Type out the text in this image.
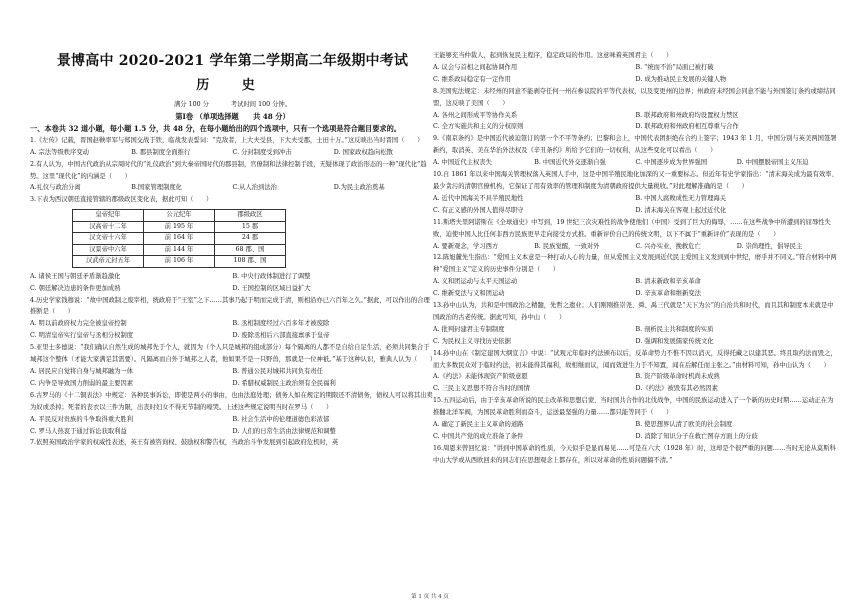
景博高中 2020-2021 学年第二学期高二年级期中考试
历 史
满分 100 分	考试时间 100 分钟。
第Ⅰ卷 （单项选择题　　共 48 分）
一、本卷共 32 道小题，每小题 1.5 分，共 48 分，在每小题给出的四个选项中，只有一个选项是符合题目要求的。

1.《左传》记载，晋国赵鞅率军与郑国交战于铁，临战发表誓词：“克敌者，上大夫受县，下大夫受郡，士田十万。”这反映出当时晋国（　　）

A. 宗法等级秩序变动	B. 郡县制度全面推行	C. 分封制度受到冲击	D. 国家政权趋向松散

2.有人认为，中国古代政治从宗周时代的“礼仪政治”到大秦帝国时代的郡县制，官僚制和法律控制手段，无疑体现了政治形态的一种“现代化”趋势。这里“现代化”的内涵是（　　）

A.礼仪与政治分离	B.国家管理制度化	C.从人治到法治	D.为民主政治奠基

3.下表为西汉朝廷直接管辖的郡级政区变化表，据此可知（　　）

皇帝纪年	公元纪年	郡级政区
汉高帝十二年	前 195 年	15 郡
汉文帝十六年	前 164 年	24 郡
汉景帝中六年	前 144 年	68 郡、国
汉武帝元封五年	前 106 年	108 郡、国
A. 诸侯王国与朝廷矛盾渐趋激化	B. 中央行政体制进行了调整
C. 朝廷解决边患的条件更加成熟	D. 王国控制的区域日益扩大

4.历史学家钱穆说：“故中国政制之废宰相，统政府于“王室”之下……其事乃起于明而完成于清，则相沿亦已六百年之久。”据此，可以作出的合理推断是（　　）

A. 明以前政府权力完全被皇帝控制	B. 丞相制度经过六百多年才被废除
C. 明清皇帝实行皇帝与丞相分权制度	D. 废除丞相后六部直接禀承于皇帝

5.亚里士多德说：“我们确认自然生成的城邦先于个人，就因为（个人只是城邦的组成部分）每个隔离的人都不是自给自足生活，必须共同集合于城邦这个整体（才能大家满足其需要）。凡隔离而自外于城邦之人者，他如果不是一只野兽，那就是一位神祇。”基于这种认识，雅典人认为（　　）

A. 居民应自觉将自身与城邦融为一体	B. 普通公民对城邦共同负有责任
C. 内争是导致国力削弱的最主要因素	D. 希腊权威制民主政治须有全民福利

6.古罗马的《十二铜表法》中规定：各种民事诉讼，即使是两小的事由，也由法庭处理；债务人如在规定的期限还不清债务，债权人可以将其出卖为奴或杀掉；死者的丧衣以三件为限，出丧时妇女不得无节制的嚎哭。上述这些规定说明当时在罗马（　　）

A. 平民反对贵族的斗争取得重大胜利	B. 社会生活中的伦理道德色彩浓郁
C. 罗马人热衷于通过诉讼获取利益	D. 人们的日常生活由法律规范和调整

7.依照英国政治学家的权威性表述，英王有被咨询权、鼓励权和警告权，当政治斗争发展到引起政府危机时，英

王能够充当仲裁人，起到恢复民主程序，稳定政局的作用。这意味着英国君主（　　）

A. 议会与首相之间起协调作用	B. “统而不治”局面已被打破
C. 维系政局稳定有一定作用	D. 成为推动民主发展的关键人物

8.美国宪法规定：未经州的同意不能剥夺任何一州在参议院的平等代表权，以及变更州的边界；州政府未经国会同意不能与外国签订条约或缔结同盟，这反映了美国（　　）

A. 各州之间形成平等协作关系	B. 联邦政府和州政府均设置权力禁区
C. 全方实施共和主义的分权原则	D. 联邦政府和州政府相互尊重与合作

9.《南京条约》是中国近代被迫签订的第一个不平等条约；巴黎和会上，中国代表团拒绝在合约上签字；1943 年 1 月，中国分别与英美两国签署新约，取消英、美在华治外法权及《辛丑条约》所给予它们的一切权利，从这些变化可以看出（　　）

A. 中国近代主权丧失	B. 中国近代外交逐渐自强	C. 中国逐步成为世界强国	D. 中国摆脱帝国主义压迫

10.自 1861 年以来中国海关管理权落入英国人手中，这是中国半殖民地化加深的又一重要标志。但近年有史学家指出：“清末海关成为最有效率、最少贪污的清朝官僚机构，它保证了用有效率的管理和制度为清朝政府提供大量税收。”对此理解准确的是（　　）

A. 近代中国海关不具半殖民地性	B. 中国人腐败成性无力管理海关
C. 有正义感的外国人值得尽职守	D. 清末海关在客观上起过近代化

11.斯塔夫里阿诺斯在《全球通史》中写到，19 世纪三次灾难性的战争使他们（中国）受到了巨大的侮辱，……在这些战争中所遭到的屈辱性失败，迫使中国人比任何非西方民族更早走向接受方式推。重新评价自己的传统文明，以下不属于“重新评价”表现的是（　　）

A. 要新观念，学习西方	B. 民族觉醒，一致对外	C. 兴办实业，挽救危亡	D. 崇尚理性，倡导民主

12.陈旭麓先生指出：“爱国主义本意是一种打动人心的力量，但从爱国主义发展到近代民主爱国主义发到到中世纪，磨乎并不同义。”符合材料中两种“爱国主义”定义的历史事件分别是（　　）

A. 义和团运动与太平天国运动	B. 清末新政和辛亥革命
C. 维新变法与义和团运动	D. 辛亥革命和维新变法

13.孙中山认为，共和是中国政治之精髓，先哲之遗业；人们刚刚推崇尧、舜、禹三代就是“天下为公”的自治共和时代，而且其和制度本来就是中国政治的古老传统。据此可知，孙中山（　　）

A. 批判封建君主专制制度	B. 剖析民主共和制度的实质
C. 为民权主义寻找历史依据	D. 强调和发展儒家传统文化

14.孙中山在《制定建国大纲宣言》中说：“试观元年临时约法颁布以后，反革命势力不惟不因以消灭，反得托藏之以建其恶。终且取约法而毁之，而大多数民众对于临时约法，初未能得其福利，故相继而议，闻而效进生力于不知置，闻在后解任而主张之。”由材料可知，孙中山认为（　　）

A.《约法》未能体现资产阶级意愿	B. 资产阶级革命时机尚未成熟
C. 三民主义思想不符合当时的国情	D.《约法》被毁有其必然因素

15.五四运动后，由于辛亥革命所说的民主改革和思想启蒙，当时国共合作的北伐战争，中国的民族运动进入了一个新的历史时期……运动正在为推翻北洋军阀，为国民革命胜利而奋斗，运送最坚强的力量……都只能等同于（　　）

A. 确定了新民主主义革命的道路	B. 使思想界认清了欧美的社会制度
C. 中国共产党的成立准备了条件	D. 消除了知识分子在救亡图存方面上的分歧

16.周恩来曾回忆说：“讲到中国革命的性质，今天似乎是显而易见……可是在六大（1928 年）时，这却是个很严重的问题……当时无论从莫斯科中山大学或从西欧回来的同志们在思想观念上都存在，所以对革命的性质问题搞不清。”

第 1 页 共 4 页
